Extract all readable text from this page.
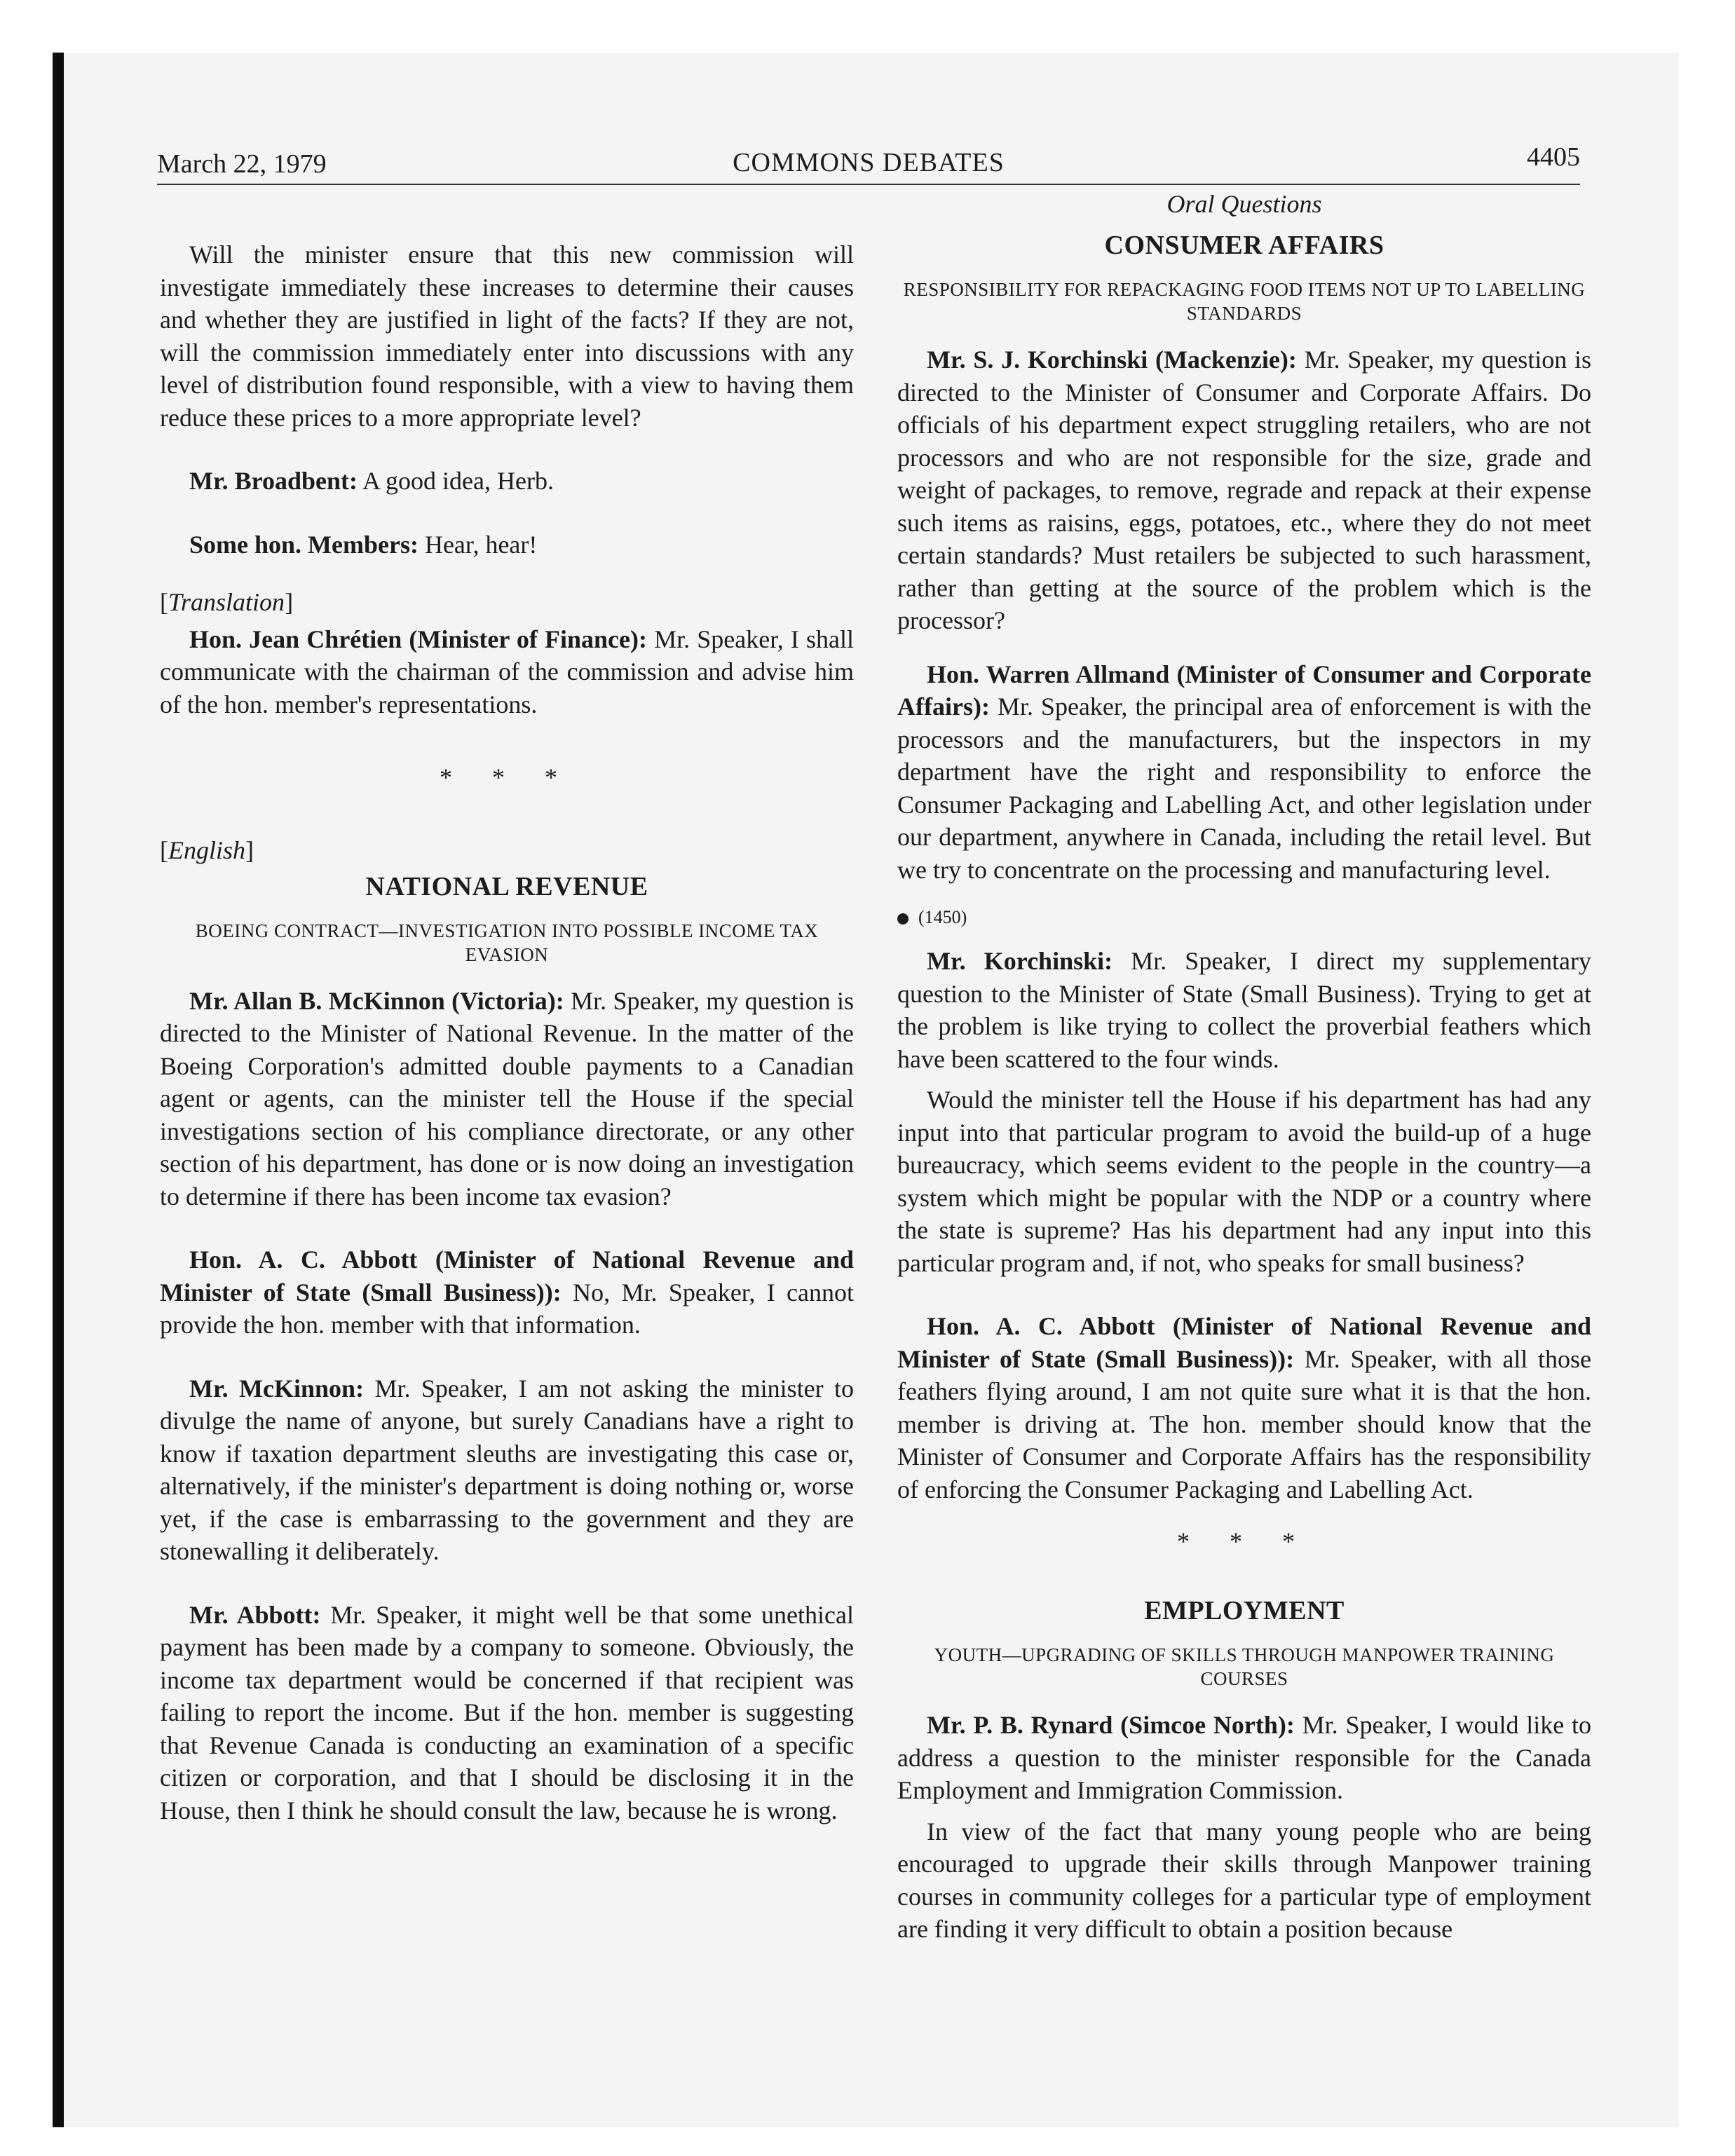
March 22, 1979	COMMONS DEBATES	4405

Will the minister ensure that this new commission will investigate immediately these increases to determine their causes and whether they are justified in light of the facts? If they are not, will the commission immediately enter into discussions with any level of distribution found responsible, with a view to having them reduce these prices to a more appropriate level?

Mr. Broadbent: A good idea, Herb.

Some hon. Members: Hear, hear!

[Translation]

Hon. Jean Chrétien (Minister of Finance): Mr. Speaker, I shall communicate with the chairman of the commission and advise him of the hon. member's representations.

* * *
[English]
NATIONAL REVENUE
BOEING CONTRACT—INVESTIGATION INTO POSSIBLE INCOME TAX EVASION

Mr. Allan B. McKinnon (Victoria): Mr. Speaker, my question is directed to the Minister of National Revenue. In the matter of the Boeing Corporation's admitted double payments to a Canadian agent or agents, can the minister tell the House if the special investigations section of his compliance directorate, or any other section of his department, has done or is now doing an investigation to determine if there has been income tax evasion?

Hon. A. C. Abbott (Minister of National Revenue and Minister of State (Small Business)): No, Mr. Speaker, I cannot provide the hon. member with that information.

Mr. McKinnon: Mr. Speaker, I am not asking the minister to divulge the name of anyone, but surely Canadians have a right to know if taxation department sleuths are investigating this case or, alternatively, if the minister's department is doing nothing or, worse yet, if the case is embarrassing to the government and they are stonewalling it deliberately.

Mr. Abbott: Mr. Speaker, it might well be that some unethical payment has been made by a company to someone. Obviously, the income tax department would be concerned if that recipient was failing to report the income. But if the hon. member is suggesting that Revenue Canada is conducting an examination of a specific citizen or corporation, and that I should be disclosing it in the House, then I think he should consult the law, because he is wrong.

Oral Questions
CONSUMER AFFAIRS
RESPONSIBILITY FOR REPACKAGING FOOD ITEMS NOT UP TO LABELLING STANDARDS

Mr. S. J. Korchinski (Mackenzie): Mr. Speaker, my question is directed to the Minister of Consumer and Corporate Affairs. Do officials of his department expect struggling retailers, who are not processors and who are not responsible for the size, grade and weight of packages, to remove, regrade and repack at their expense such items as raisins, eggs, potatoes, etc., where they do not meet certain standards? Must retailers be subjected to such harassment, rather than getting at the source of the problem which is the processor?

Hon. Warren Allmand (Minister of Consumer and Corporate Affairs): Mr. Speaker, the principal area of enforcement is with the processors and the manufacturers, but the inspectors in my department have the right and responsibility to enforce the Consumer Packaging and Labelling Act, and other legislation under our department, anywhere in Canada, including the retail level. But we try to concentrate on the processing and manufacturing level.

(1450)

Mr. Korchinski: Mr. Speaker, I direct my supplementary question to the Minister of State (Small Business). Trying to get at the problem is like trying to collect the proverbial feathers which have been scattered to the four winds.

Would the minister tell the House if his department has had any input into that particular program to avoid the build-up of a huge bureaucracy, which seems evident to the people in the country—a system which might be popular with the NDP or a country where the state is supreme? Has his department had any input into this particular program and, if not, who speaks for small business?

Hon. A. C. Abbott (Minister of National Revenue and Minister of State (Small Business)): Mr. Speaker, with all those feathers flying around, I am not quite sure what it is that the hon. member is driving at. The hon. member should know that the Minister of Consumer and Corporate Affairs has the responsibility of enforcing the Consumer Packaging and Labelling Act.

* * *
EMPLOYMENT
YOUTH—UPGRADING OF SKILLS THROUGH MANPOWER TRAINING COURSES

Mr. P. B. Rynard (Simcoe North): Mr. Speaker, I would like to address a question to the minister responsible for the Canada Employment and Immigration Commission.

In view of the fact that many young people who are being encouraged to upgrade their skills through Manpower training courses in community colleges for a particular type of employment are finding it very difficult to obtain a position because
